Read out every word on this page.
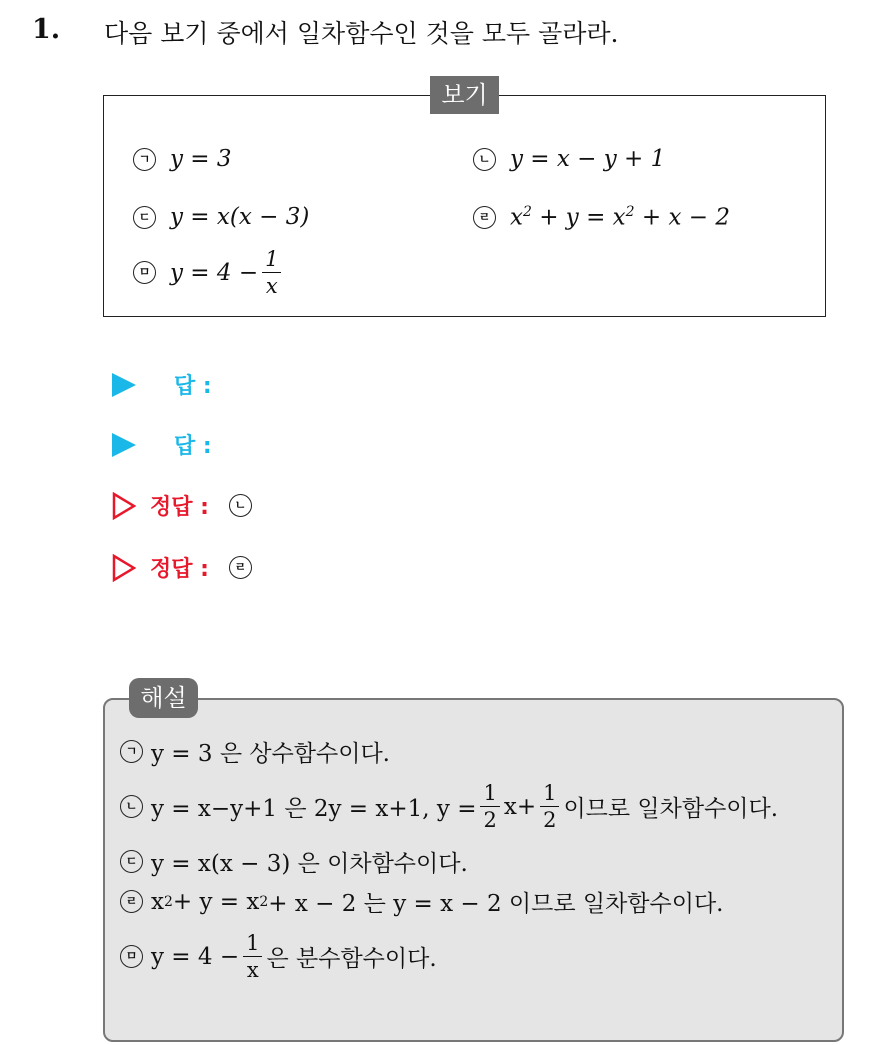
1. 다음 보기 중에서 일차함수인 것을 모두 골라라.
보기
ㄱ y = 3	ㄴ y = x − y + 1
ㄷ y = x(x − 3)	ㄹ $x^2 + y = x^2 + x - 2$
ㅁ $y = 4 - \frac{1}{x}$
답 :
답 :
정답 :	ㄴ
정답 :	ㄹ
해설
ㄱ y = 3 은 상수함수이다.
ㄴ y = x−y+1 은 2y = x+1, $y = \frac{1}{2} x+ \frac{1}{2}$ 이므로 일차함수이다.
ㄷ y = x(x − 3) 은 이차함수이다.
ㄹ x 2 + y = x 2 + x − 2 는 y = x − 2 이므로 일차함수이다.
ㅁ $y = 4 - \frac{1}{x}$ 은 분수함수이다.
